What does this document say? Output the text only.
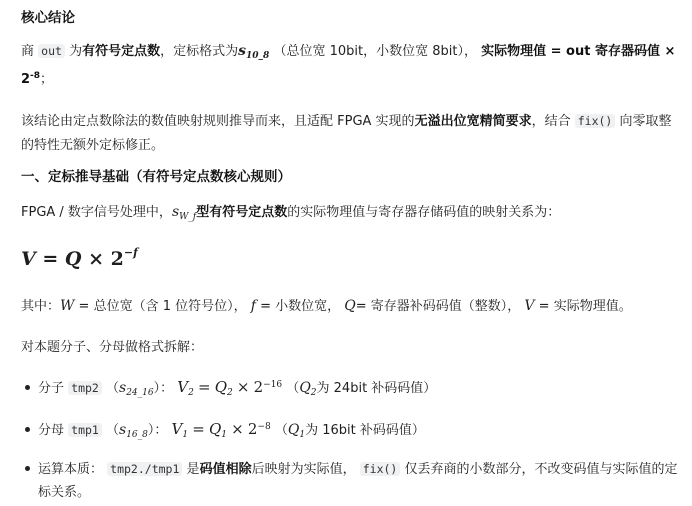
核心结论
商 out 为有符号定点数，定标格式为$s_{10\_8}$ （总位宽 10bit，小数位宽 8bit）， 实际物理值 = out 寄存器码值 ×
$2^{-8}$；
该结论由定点数除法的数值映射规则推导而来，且适配 FPGA 实现的无溢出位宽精简要求，结合 fix() 向零取整
的特性无额外定标修正。
一、定标推导基础（有符号定点数核心规则）
FPGA / 数字信号处理中，$s_{W\_f}$型有符号定点数的实际物理值与寄存器存储码值的映射关系为：
$V = Q \times 2^{-f}$
其中：W = 总位宽（含 1 位符号位）， f = 小数位宽， Q= 寄存器补码码值（整数）， V = 实际物理值。
对本题分子、分母做格式拆解：
分子 tmp2 $(s_{24\_16})$： $V_2 = Q_2 \times 2^{-16}$ （$Q_2$为 24bit 补码码值）
分母 tmp1 $(s_{16\_8})$： $V_1 = Q_1 \times 2^{-8}$ （$Q_1$为 16bit 补码码值）
运算本质： tmp2./tmp1 是码值相除后映射为实际值， fix() 仅丢弃商的小数部分，不改变码值与实际值的定
标关系。
